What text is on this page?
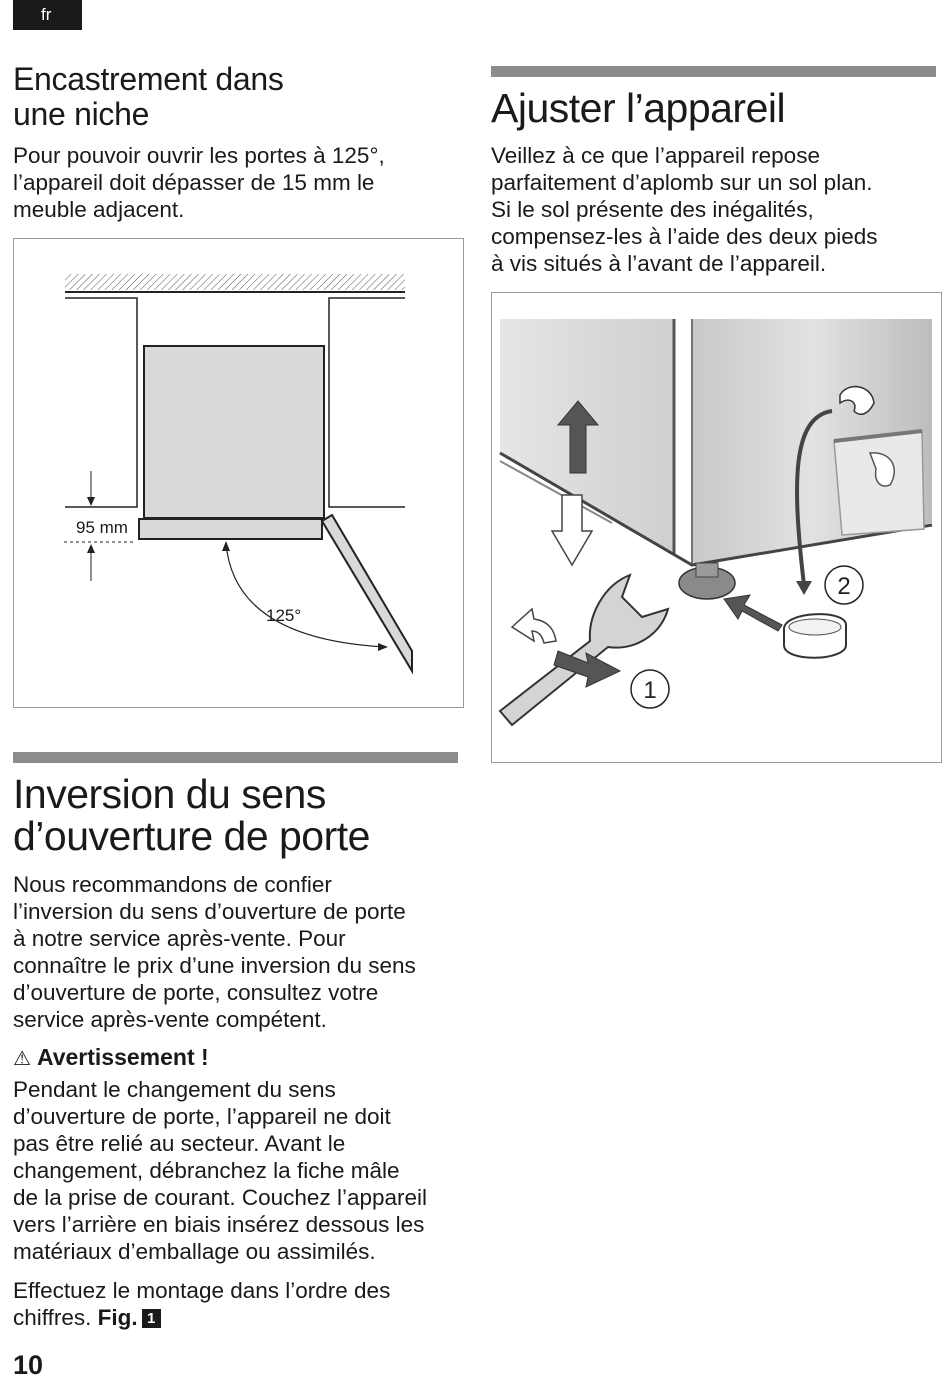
fr
Encastrement dans
une niche
Pour pouvoir ouvrir les portes à 125°,
l’appareil doit dépasser de 15 mm le
meuble adjacent.
95 mm
125°
Ajuster l’appareil
Veillez à ce que l’appareil repose
parfaitement d’aplomb sur un sol plan.
Si le sol présente des inégalités,
compensez-les à l’aide des deux pieds
à vis situés à l’avant de l’appareil.
1
2
Inversion du sens
d’ouverture de porte
Nous recommandons de confier
l’inversion du sens d’ouverture de porte
à notre service après-vente. Pour
connaître le prix d’une inversion du sens
d’ouverture de porte, consultez votre
service après-vente compétent.
⚠ Avertissement !
Pendant le changement du sens
d’ouverture de porte, l’appareil ne doit
pas être relié au secteur. Avant le
changement, débranchez la fiche mâle
de la prise de courant. Couchez l’appareil
vers l’arrière en biais insérez dessous les
matériaux d’emballage ou assimilés.
Effectuez le montage dans l’ordre des
chiffres. Fig. 1
10
